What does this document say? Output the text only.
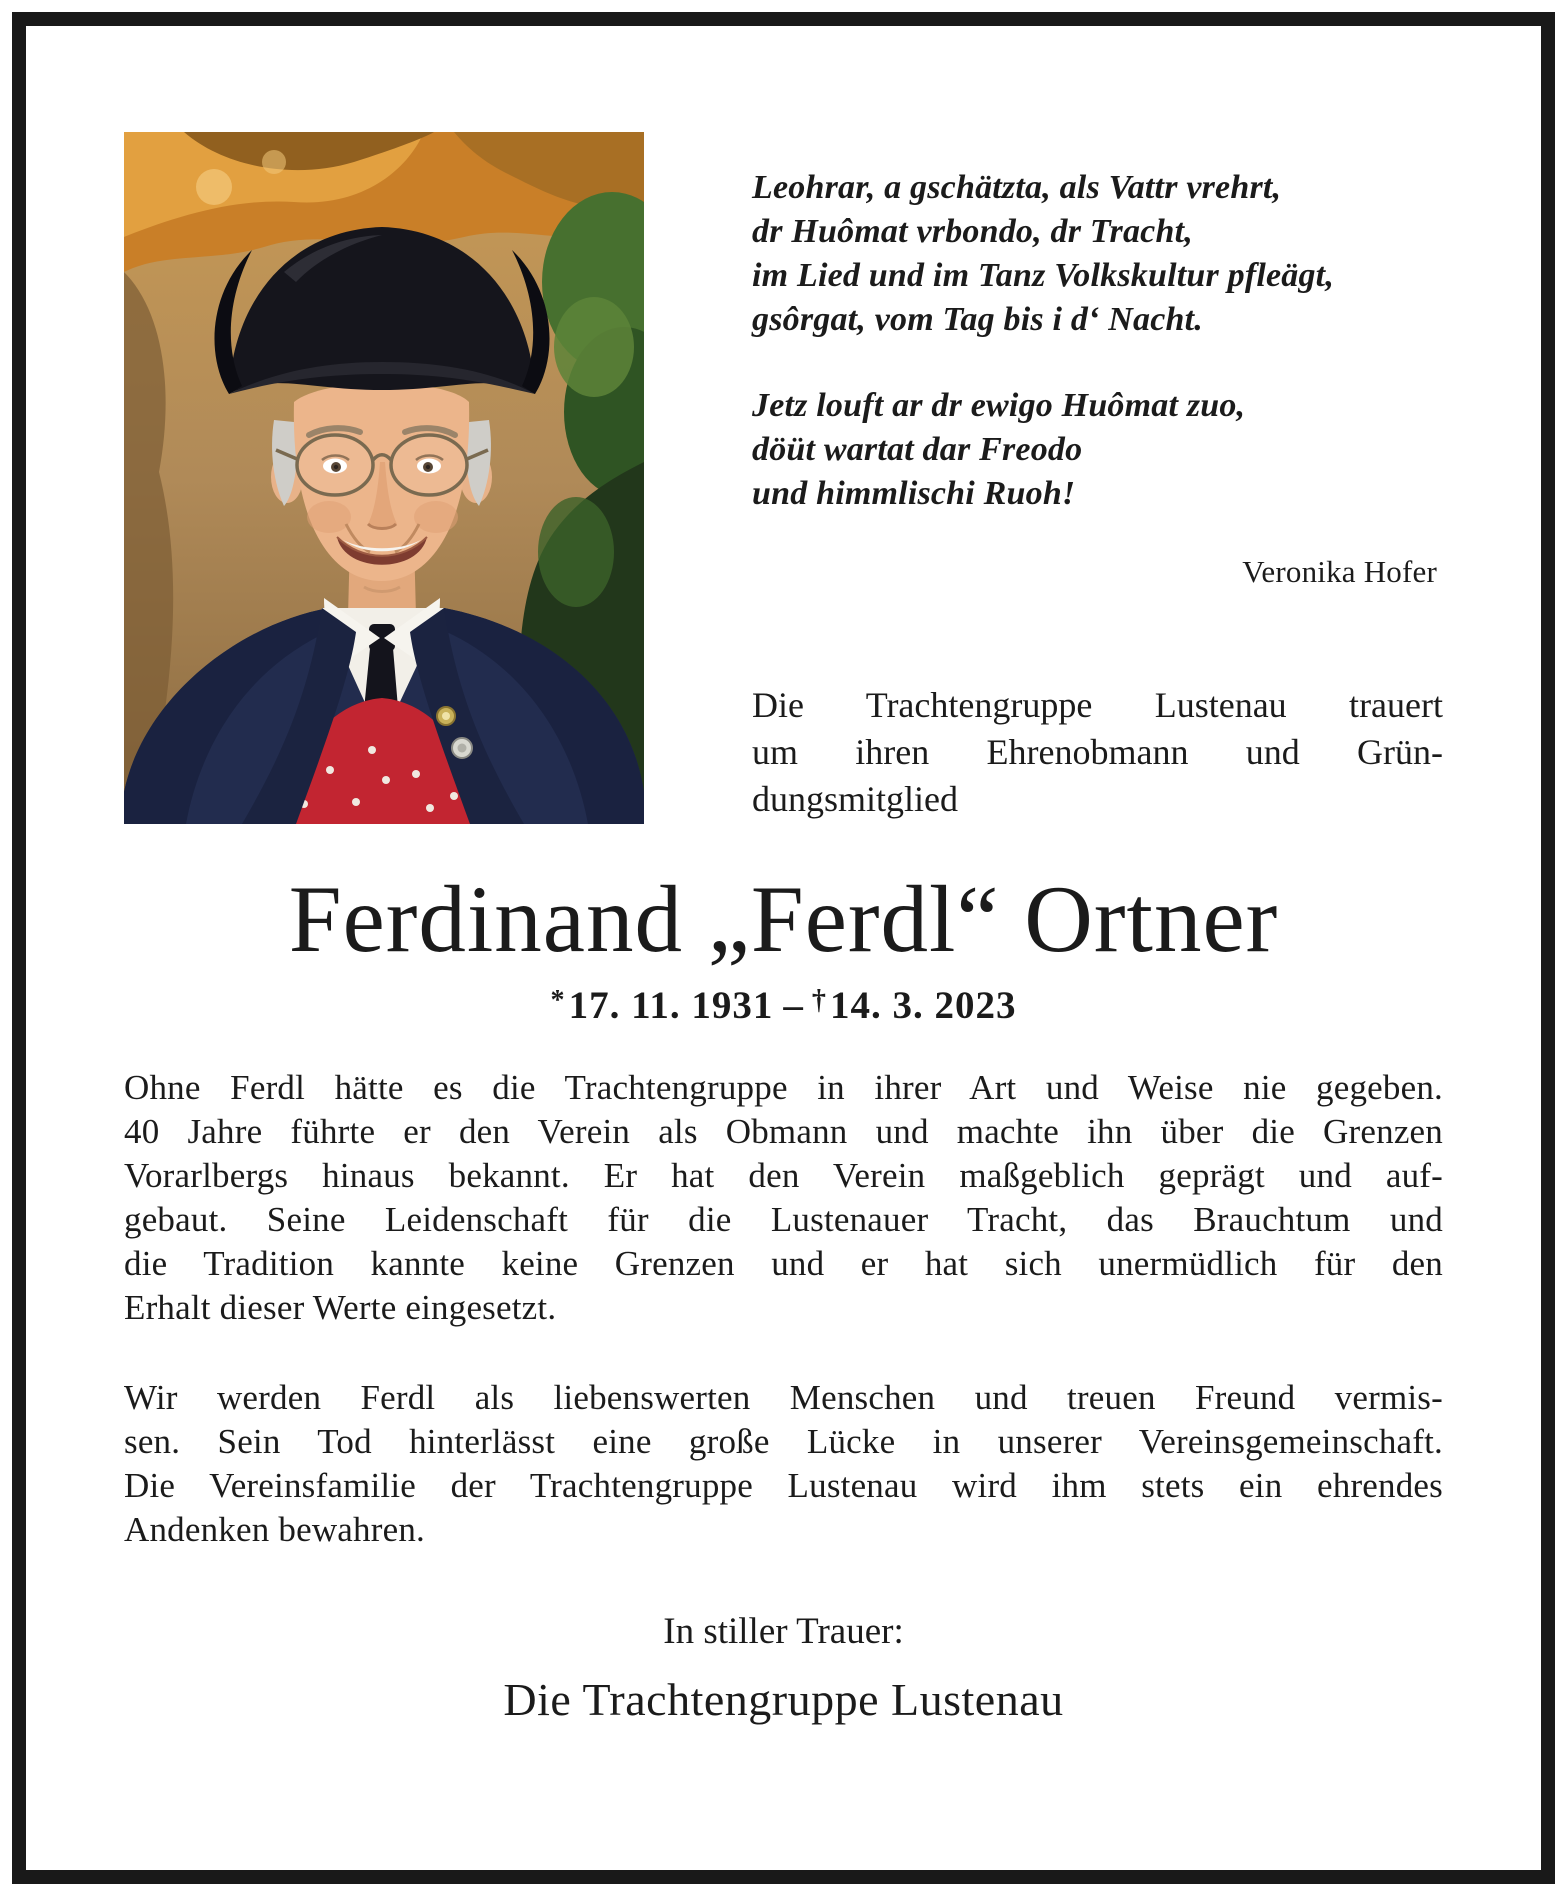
Leohrar, a gschätzta, als Vattr vrehrt,
dr Huômat vrbondo, dr Tracht,
im Lied und im Tanz Volkskultur pfleägt,
gsôrgat, vom Tag bis i d‘ Nacht.
Jetz louft ar dr ewigo Huômat zuo,
döüt wartat dar Freodo
und himmlischi Ruoh!
Veronika Hofer
Die Trachtengruppe Lustenau trauert
um ihren Ehrenobmann und Grün-
dungsmitglied
Ferdinand „Ferdl“ Ortner
*17. 11. 1931 – †14. 3. 2023
Ohne Ferdl hätte es die Trachtengruppe in ihrer Art und Weise nie gegeben.
40 Jahre führte er den Verein als Obmann und machte ihn über die Grenzen
Vorarlbergs hinaus bekannt. Er hat den Verein maßgeblich geprägt und auf-
gebaut. Seine Leidenschaft für die Lustenauer Tracht, das Brauchtum und
die Tradition kannte keine Grenzen und er hat sich unermüdlich für den
Erhalt dieser Werte eingesetzt.
Wir werden Ferdl als liebenswerten Menschen und treuen Freund vermis-
sen. Sein Tod hinterlässt eine große Lücke in unserer Vereinsgemeinschaft.
Die Vereinsfamilie der Trachtengruppe Lustenau wird ihm stets ein ehrendes
Andenken bewahren.
In stiller Trauer:
Die Trachtengruppe Lustenau
